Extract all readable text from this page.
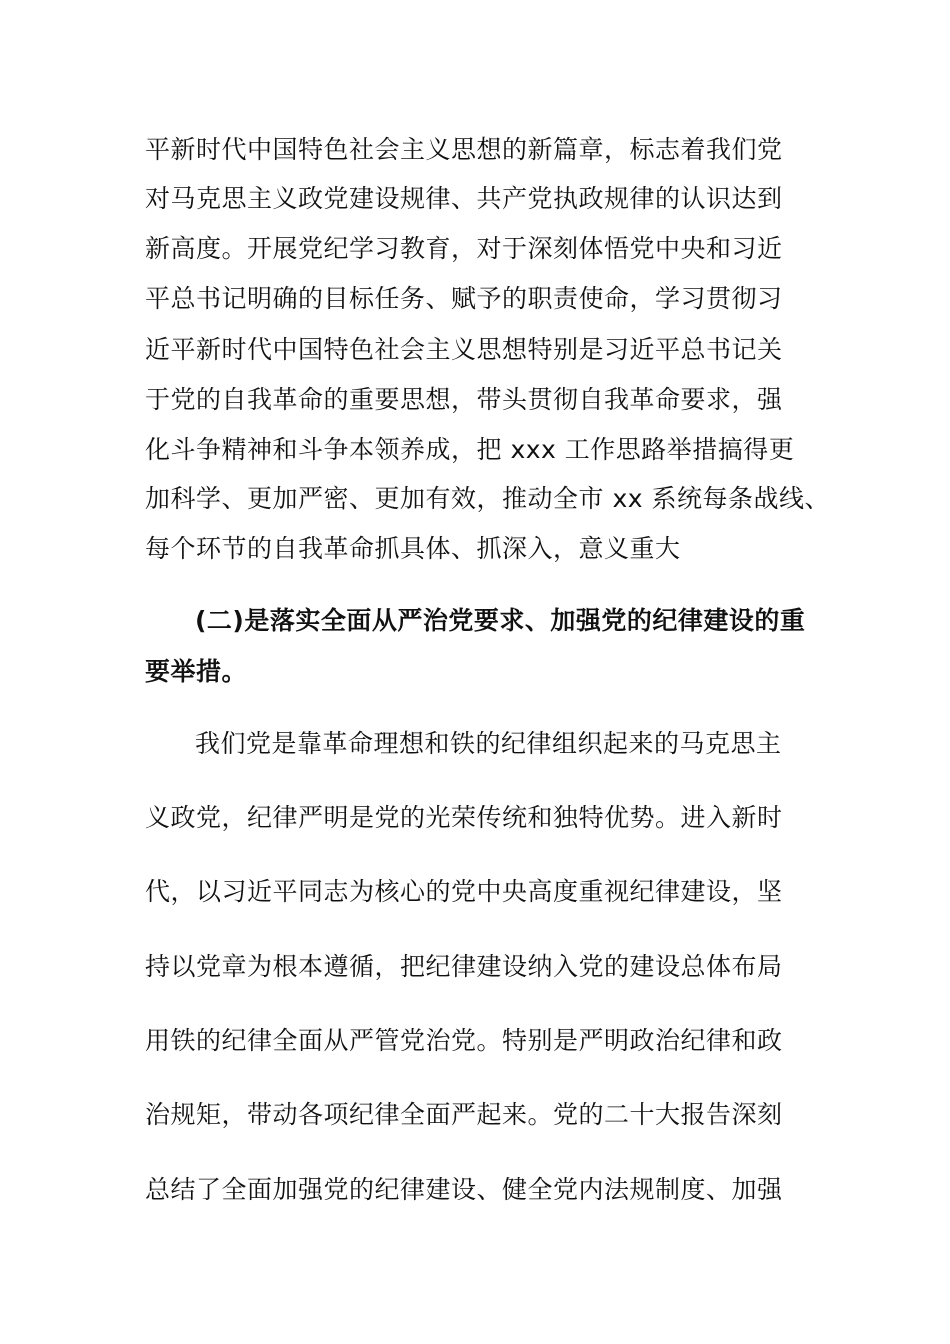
平新时代中国特色社会主义思想的新篇章，标志着我们党
对马克思主义政党建设规律、共产党执政规律的认识达到
新高度。开展党纪学习教育，对于深刻体悟党中央和习近
平总书记明确的目标任务、赋予的职责使命，学习贯彻习
近平新时代中国特色社会主义思想特别是习近平总书记关
于党的自我革命的重要思想，带头贯彻自我革命要求，强
化斗争精神和斗争本领养成，把 xxx 工作思路举措搞得更
加科学、更加严密、更加有效，推动全市 xx 系统每条战线、
每个环节的自我革命抓具体、抓深入，意义重大
(二)是落实全面从严治党要求、加强党的纪律建设的重
要举措。
我们党是靠革命理想和铁的纪律组织起来的马克思主
义政党，纪律严明是党的光荣传统和独特优势。进入新时
代，以习近平同志为核心的党中央高度重视纪律建设，坚
持以党章为根本遵循，把纪律建设纳入党的建设总体布局
用铁的纪律全面从严管党治党。特别是严明政治纪律和政
治规矩，带动各项纪律全面严起来。党的二十大报告深刻
总结了全面加强党的纪律建设、健全党内法规制度、加强
